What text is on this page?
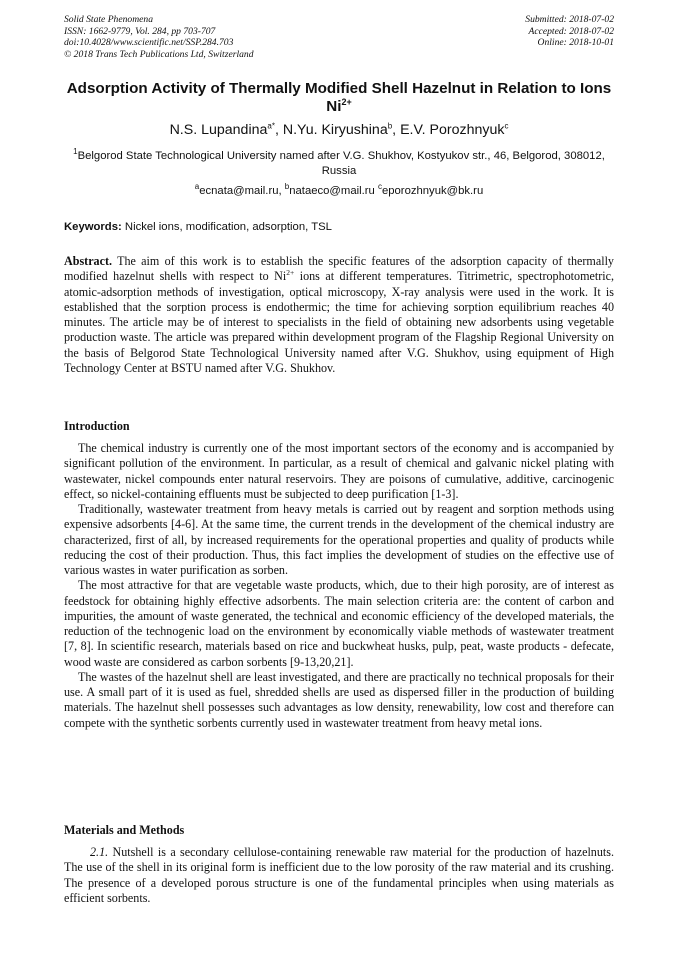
Solid State Phenomena
ISSN: 1662-9779, Vol. 284, pp 703-707
doi:10.4028/www.scientific.net/SSP.284.703
© 2018 Trans Tech Publications Ltd, Switzerland
Submitted: 2018-07-02
Accepted: 2018-07-02
Online: 2018-10-01
Adsorption Activity of Thermally Modified Shell Hazelnut in Relation to Ions $Ni^{2+}$
N.S. Lupandina$^{a*}$, N.Yu. Kiryushina$^b$, E.V. Porozhnyuk$^c$
$^1$Belgorod State Technological University named after V.G. Shukhov, Kostyukov str., 46, Belgorod, 308012, Russia
$^a$ecnata@mail.ru, $^b$nataeco@mail.ru $^c$eporozhnyuk@bk.ru
Keywords: Nickel ions, modification, adsorption, TSL

Abstract. The aim of this work is to establish the specific features of the adsorption capacity of thermally modified hazelnut shells with respect to $Ni^{2+}$ ions at different temperatures. Titrimetric, spectrophotometric, atomic-adsorption methods of investigation, optical microscopy, X-ray analysis were used in the work. It is established that the sorption process is endothermic; the time for achieving sorption equilibrium reaches 40 minutes. The article may be of interest to specialists in the field of obtaining new adsorbents using vegetable production waste. The article was prepared within development program of the Flagship Regional University on the basis of Belgorod State Technological University named after V.G. Shukhov, using equipment of High Technology Center at BSTU named after V.G. Shukhov.

Introduction

The chemical industry is currently one of the most important sectors of the economy and is accompanied by significant pollution of the environment. In particular, as a result of chemical and galvanic nickel plating with wastewater, nickel compounds enter natural reservoirs. They are poisons of cumulative, additive, carcinogenic effect, so nickel-containing effluents must be subjected to deep purification [1-3].

Traditionally, wastewater treatment from heavy metals is carried out by reagent and sorption methods using expensive adsorbents [4-6]. At the same time, the current trends in the development of the chemical industry are characterized, first of all, by increased requirements for the operational properties and quality of products while reducing the cost of their production. Thus, this fact implies the development of studies on the effective use of various wastes in water purification as sorben.

The most attractive for that are vegetable waste products, which, due to their high porosity, are of interest as feedstock for obtaining highly effective adsorbents. The main selection criteria are: the content of carbon and impurities, the amount of waste generated, the technical and economic efficiency of the developed materials, the reduction of the technogenic load on the environment by economically viable methods of wastewater treatment [7, 8]. In scientific research, materials based on rice and buckwheat husks, pulp, peat, waste products - defecate, wood waste are considered as carbon sorbents [9-13,20,21].

The wastes of the hazelnut shell are least investigated, and there are practically no technical proposals for their use. A small part of it is used as fuel, shredded shells are used as dispersed filler in the production of building materials. The hazelnut shell possesses such advantages as low density, renewability, low cost and therefore can compete with the synthetic sorbents currently used in wastewater treatment from heavy metal ions.

Materials and Methods

2.1. Nutshell is a secondary cellulose-containing renewable raw material for the production of hazelnuts. The use of the shell in its original form is inefficient due to the low porosity of the raw material and its crushing. The presence of a developed porous structure is one of the fundamental principles when using materials as efficient sorbents.
